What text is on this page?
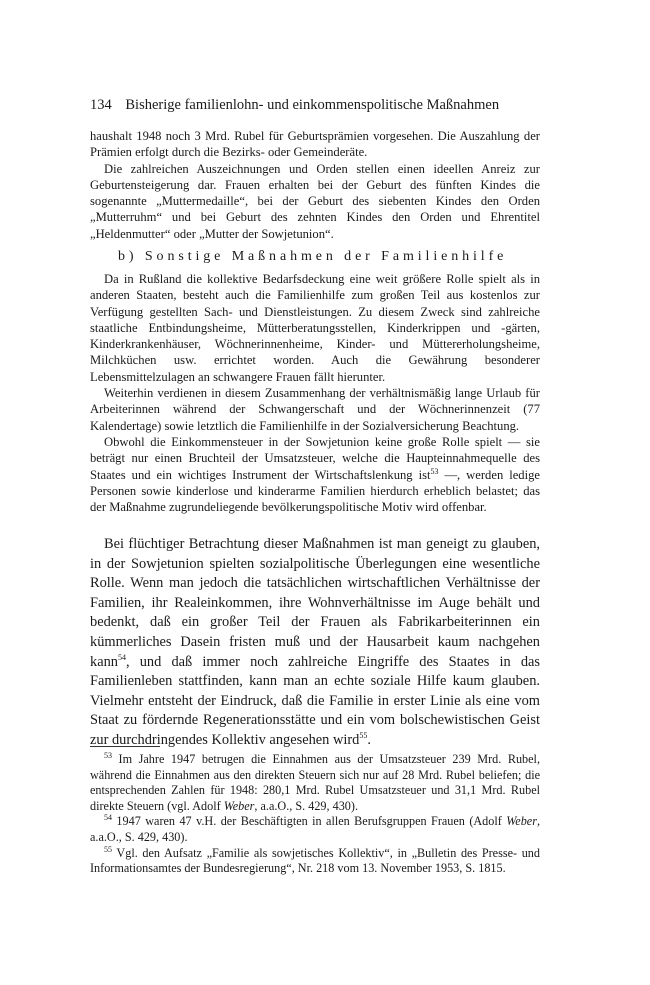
134 Bisherige familienlohn- und einkommenspolitische Maßnahmen

haushalt 1948 noch 3 Mrd. Rubel für Geburtsprämien vorgesehen. Die Auszahlung der Prämien erfolgt durch die Bezirks- oder Gemeinderäte.

Die zahlreichen Auszeichnungen und Orden stellen einen ideellen Anreiz zur Geburtensteigerung dar. Frauen erhalten bei der Geburt des fünften Kindes die sogenannte „Muttermedaille“, bei der Geburt des siebenten Kindes den Orden „Mutterruhm“ und bei Geburt des zehnten Kindes den Orden und Ehrentitel „Heldenmutter“ oder „Mutter der Sowjetunion“.

b) Sonstige Maßnahmen der Familienhilfe

Da in Rußland die kollektive Bedarfsdeckung eine weit größere Rolle spielt als in anderen Staaten, besteht auch die Familienhilfe zum großen Teil aus kostenlos zur Verfügung gestellten Sach- und Dienstleistungen. Zu diesem Zweck sind zahlreiche staatliche Entbindungsheime, Mütterberatungsstellen, Kinderkrippen und -gärten, Kinderkrankenhäuser, Wöchnerinnenheime, Kinder- und Müttererholungsheime, Milchküchen usw. errichtet worden. Auch die Gewährung besonderer Lebensmittelzulagen an schwangere Frauen fällt hierunter.

Weiterhin verdienen in diesem Zusammenhang der verhältnismäßig lange Urlaub für Arbeiterinnen während der Schwangerschaft und der Wöchnerinnenzeit (77 Kalendertage) sowie letztlich die Familienhilfe in der Sozialversicherung Beachtung.

Obwohl die Einkommensteuer in der Sowjetunion keine große Rolle spielt — sie beträgt nur einen Bruchteil der Umsatzsteuer, welche die Haupteinnahmequelle des Staates und ein wichtiges Instrument der Wirtschaftslenkung ist$^{53}$ —, werden ledige Personen sowie kinderlose und kinderarme Familien hierdurch erheblich belastet; das der Maßnahme zugrundeliegende bevölkerungspolitische Motiv wird offenbar.

Bei flüchtiger Betrachtung dieser Maßnahmen ist man geneigt zu glauben, in der Sowjetunion spielten sozialpolitische Überlegungen eine wesentliche Rolle. Wenn man jedoch die tatsächlichen wirtschaftlichen Verhältnisse der Familien, ihr Realeinkommen, ihre Wohnverhältnisse im Auge behält und bedenkt, daß ein großer Teil der Frauen als Fabrikarbeiterinnen ein kümmerliches Dasein fristen muß und der Hausarbeit kaum nachgehen kann$^{54}$, und daß immer noch zahlreiche Eingriffe des Staates in das Familienleben stattfinden, kann man an echte soziale Hilfe kaum glauben. Vielmehr entsteht der Eindruck, daß die Familie in erster Linie als eine vom Staat zu fördernde Regenerationsstätte und ein vom bolschewistischen Geist zur durchdringendes Kollektiv angesehen wird$^{55}$.

$^{53}$ Im Jahre 1947 betrugen die Einnahmen aus der Umsatzsteuer 239 Mrd. Rubel, während die Einnahmen aus den direkten Steuern sich nur auf 28 Mrd. Rubel beliefen; die entsprechenden Zahlen für 1948: 280,1 Mrd. Rubel Umsatzsteuer und 31,1 Mrd. Rubel direkte Steuern (vgl. Adolf Weber, a.a.O., S. 429, 430).

$^{54}$ 1947 waren 47 v.H. der Beschäftigten in allen Berufsgruppen Frauen (Adolf Weber, a.a.O., S. 429, 430).

$^{55}$ Vgl. den Aufsatz „Familie als sowjetisches Kollektiv“, in „Bulletin des Presse- und Informationsamtes der Bundesregierung“, Nr. 218 vom 13. November 1953, S. 1815.
